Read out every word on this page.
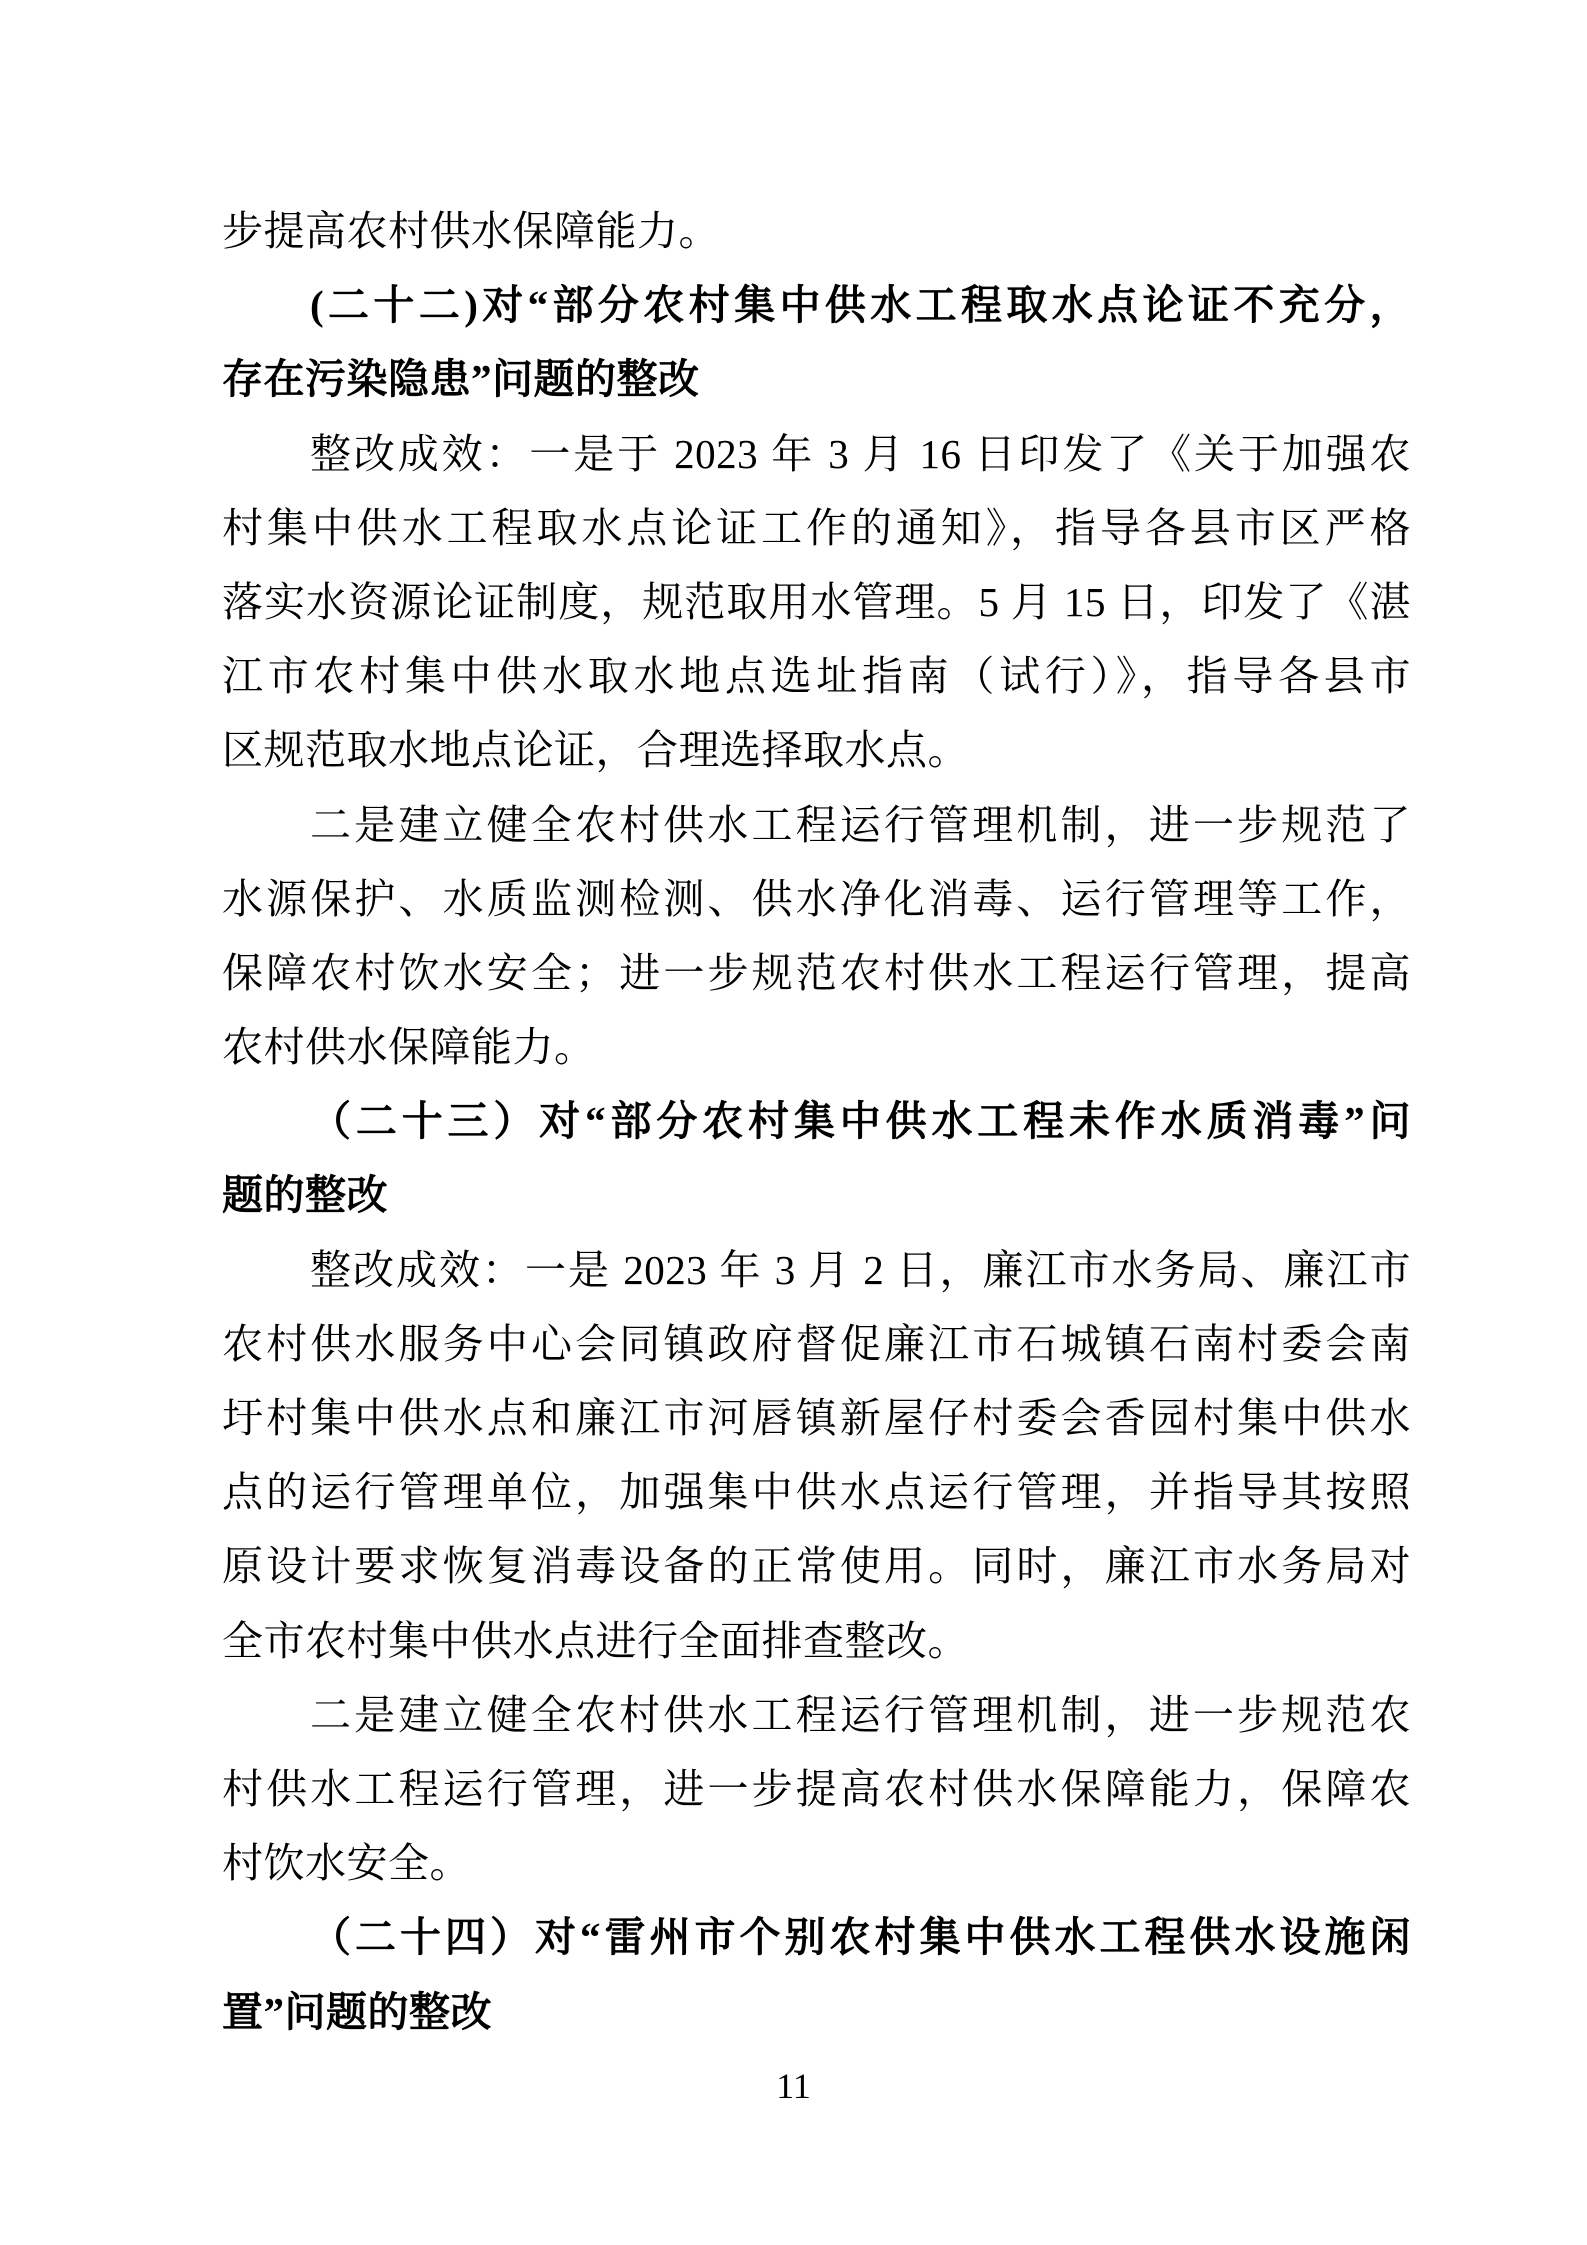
步提高农村供水保障能力。
(二十二)对“部分农村集中供水工程取水点论证不充分，
存在污染隐患”问题的整改
整改成效：一是于 2023 年 3 月 16 日印发了《关于加强农
村集中供水工程取水点论证工作的通知》，指导各县市区严格
落实水资源论证制度，规范取用水管理。5 月 15 日，印发了《湛
江市农村集中供水取水地点选址指南（试行）》，指导各县市
区规范取水地点论证，合理选择取水点。
二是建立健全农村供水工程运行管理机制，进一步规范了
水源保护、水质监测检测、供水净化消毒、运行管理等工作，
保障农村饮水安全；进一步规范农村供水工程运行管理，提高
农村供水保障能力。
（二十三）对“部分农村集中供水工程未作水质消毒”问
题的整改
整改成效：一是 2023 年 3 月 2 日，廉江市水务局、廉江市
农村供水服务中心会同镇政府督促廉江市石城镇石南村委会南
圩村集中供水点和廉江市河唇镇新屋仔村委会香园村集中供水
点的运行管理单位，加强集中供水点运行管理，并指导其按照
原设计要求恢复消毒设备的正常使用。同时，廉江市水务局对
全市农村集中供水点进行全面排查整改。
二是建立健全农村供水工程运行管理机制，进一步规范农
村供水工程运行管理，进一步提高农村供水保障能力，保障农
村饮水安全。
（二十四）对“雷州市个别农村集中供水工程供水设施闲
置”问题的整改
11
